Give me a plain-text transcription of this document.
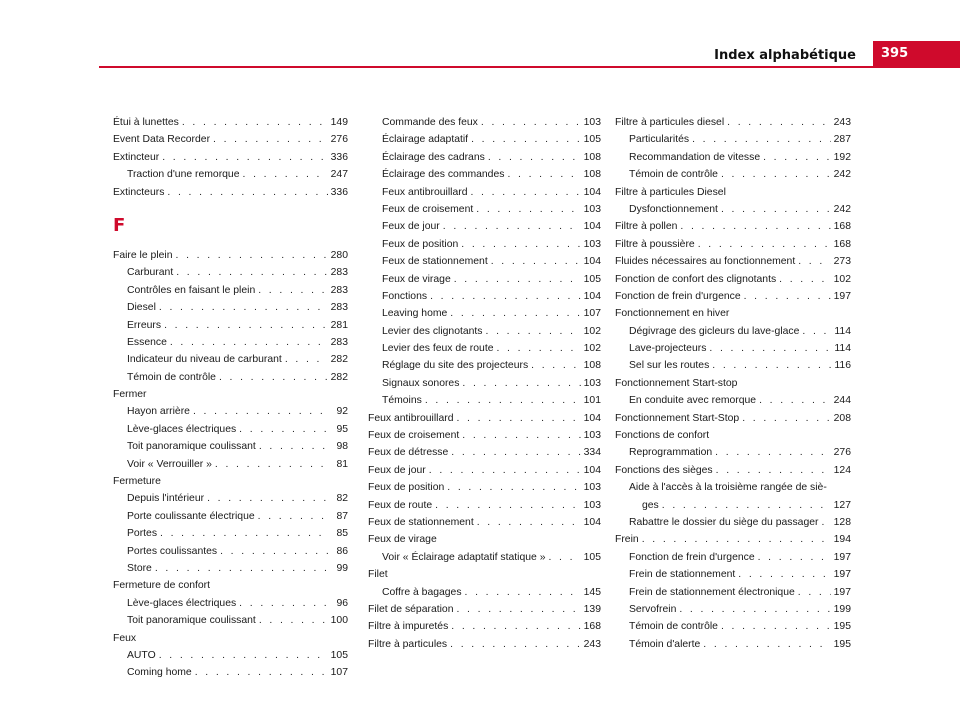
Index alphabétique 395
Étui à lunettes . . .	149
Event Data Recorder . . .	276
Extincteur . . .	336
Traction d'une remorque . . .	247
Extincteurs . . .	336
F
Faire le plein . . .	280
Carburant . . .	283
Contrôles en faisant le plein . . .	283
Diesel . . .	283
Erreurs . . .	281
Essence . . .	283
Indicateur du niveau de carburant . . .	282
Témoin de contrôle . . .	282
Fermer
Hayon arrière . . .	92
Lève-glaces électriques . . .	95
Toit panoramique coulissant . . .	98
Voir « Verrouiller » . . .	81
Fermeture
Depuis l'intérieur . . .	82
Porte coulissante électrique . . .	87
Portes . . .	85
Portes coulissantes . . .	86
Store . . .	99
Fermeture de confort
Lève-glaces électriques . . .	96
Toit panoramique coulissant . . .	100
Feux
AUTO . . .	105
Coming home . . .	107
Commande des feux . . .	103
Éclairage adaptatif . . .	105
Éclairage des cadrans . . .	108
Éclairage des commandes . . .	108
Feux antibrouillard . . .	104
Feux de croisement . . .	103
Feux de jour . . .	104
Feux de position . . .	103
Feux de stationnement . . .	104
Feux de virage . . .	105
Fonctions . . .	104
Leaving home . . .	107
Levier des clignotants . . .	102
Levier des feux de route . . .	102
Réglage du site des projecteurs . . .	108
Signaux sonores . . .	103
Témoins . . .	101
Feux antibrouillard . . .	104
Feux de croisement . . .	103
Feux de détresse . . .	334
Feux de jour . . .	104
Feux de position . . .	103
Feux de route . . .	103
Feux de stationnement . . .	104
Feux de virage
Voir « Éclairage adaptatif statique » . . .	105
Filet
Coffre à bagages . . .	145
Filet de séparation . . .	139
Filtre à impuretés . . .	168
Filtre à particules . . .	243
Filtre à particules diesel . . .	243
Particularités . . .	287
Recommandation de vitesse . . .	192
Témoin de contrôle . . .	242
Filtre à particules Diesel
Dysfonctionnement . . .	242
Filtre à pollen . . .	168
Filtre à poussière . . .	168
Fluides nécessaires au fonctionnement . . .	273
Fonction de confort des clignotants . . .	102
Fonction de frein d'urgence . . .	197
Fonctionnement en hiver
Dégivrage des gicleurs du lave-glace . . .	114
Lave-projecteurs . . .	114
Sel sur les routes . . .	116
Fonctionnement Start-stop
En conduite avec remorque . . .	244
Fonctionnement Start-Stop . . .	208
Fonctions de confort
Reprogrammation . . .	276
Fonctions des sièges . . .	124
Aide à l'accès à la troisième rangée de siè-
ges . . .	127
Rabattre le dossier du siège du passager . . . 128
Frein . . .	194
Fonction de frein d'urgence . . .	197
Frein de stationnement . . .	197
Frein de stationnement électronique . . .	197
Servofrein . . .	199
Témoin de contrôle . . .	195
Témoin d'alerte . . .	195
